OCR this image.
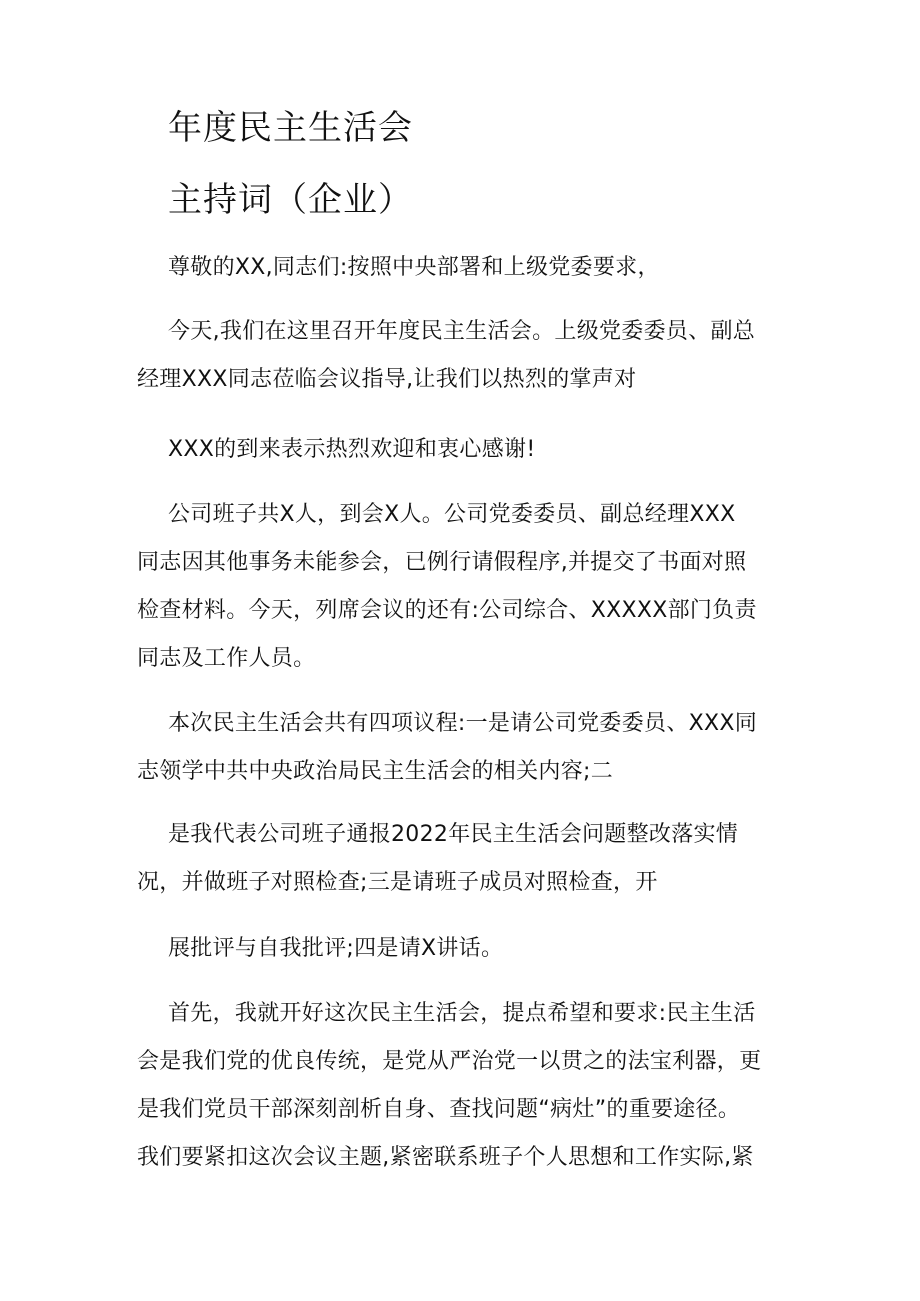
年度民主生活会
主持词（企业）
尊敬的XX,同志们:按照中央部署和上级党委要求，
今天,我们在这里召开年度民主生活会。上级党委委员、副总
经理XXX同志莅临会议指导,让我们以热烈的掌声对
XXX的到来表示热烈欢迎和衷心感谢!
公司班子共X人，到会X人。公司党委委员、副总经理XXX
同志因其他事务未能参会，已例行请假程序,并提交了书面对照
检查材料。今天，列席会议的还有:公司综合、XXXXX部门负责
同志及工作人员。
本次民主生活会共有四项议程:一是请公司党委委员、XXX同
志领学中共中央政治局民主生活会的相关内容;二
是我代表公司班子通报2022年民主生活会问题整改落实情
况，并做班子对照检查;三是请班子成员对照检查，开
展批评与自我批评;四是请X讲话。
首先，我就开好这次民主生活会，提点希望和要求:民主生活
会是我们党的优良传统，是党从严治党一以贯之的法宝利器，更
是我们党员干部深刻剖析自身、查找问题“病灶”的重要途径。
我们要紧扣这次会议主题,紧密联系班子个人思想和工作实际,紧
